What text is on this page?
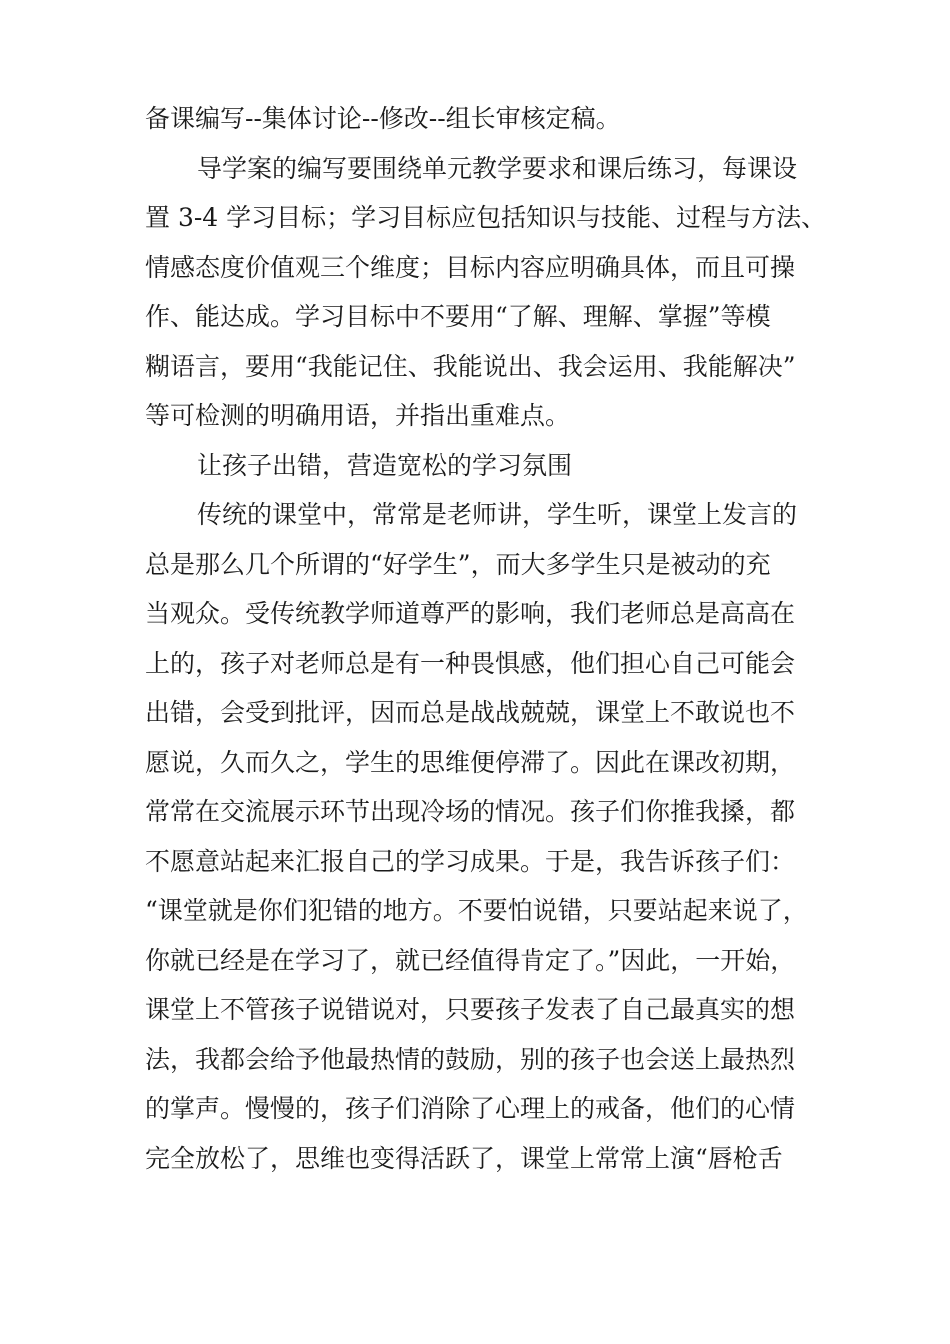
备课编写--集体讨论--修改--组长审核定稿。
导学案的编写要围绕单元教学要求和课后练习，每课设
置 3-4 学习目标；学习目标应包括知识与技能、过程与方法、
情感态度价值观三个维度；目标内容应明确具体，而且可操
作、能达成。学习目标中不要用“了解、理解、掌握”等模
糊语言，要用“我能记住、我能说出、我会运用、我能解决”
等可检测的明确用语，并指出重难点。
让孩子出错，营造宽松的学习氛围
传统的课堂中，常常是老师讲，学生听，课堂上发言的
总是那么几个所谓的“好学生”，而大多学生只是被动的充
当观众。受传统教学师道尊严的影响，我们老师总是高高在
上的，孩子对老师总是有一种畏惧感，他们担心自己可能会
出错，会受到批评，因而总是战战兢兢，课堂上不敢说也不
愿说，久而久之，学生的思维便停滞了。因此在课改初期，
常常在交流展示环节出现冷场的情况。孩子们你推我搡，都
不愿意站起来汇报自己的学习成果。于是，我告诉孩子们：
“课堂就是你们犯错的地方。不要怕说错，只要站起来说了，
你就已经是在学习了，就已经值得肯定了。”因此，一开始，
课堂上不管孩子说错说对，只要孩子发表了自己最真实的想
法，我都会给予他最热情的鼓励，别的孩子也会送上最热烈
的掌声。慢慢的，孩子们消除了心理上的戒备，他们的心情
完全放松了，思维也变得活跃了，课堂上常常上演“唇枪舌
